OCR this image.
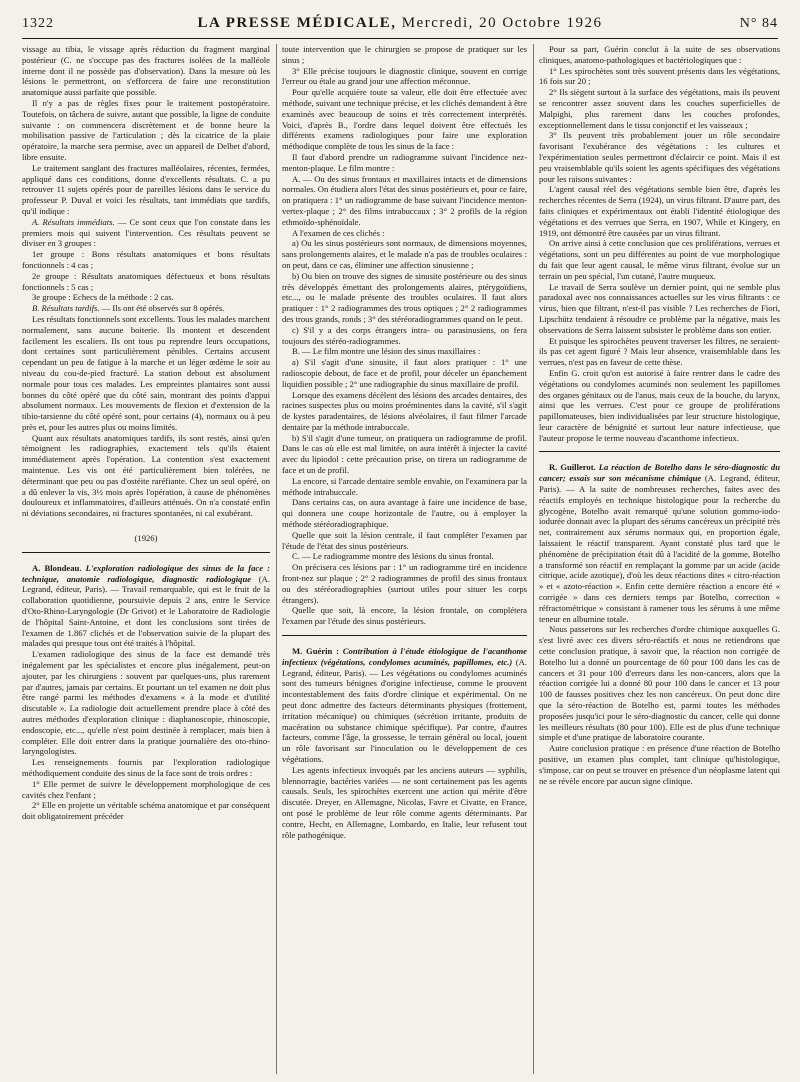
1322	LA PRESSE MÉDICALE, Mercredi, 20 Octobre 1926	N° 84

vissage au tibia, le vissage après réduction du fragment marginal postérieur (C. ne s'occupe pas des fractures isolées de la malléole interne dont il ne possède pas d'observation). Dans la mesure où les lésions le permettront, on s'efforcera de faire une reconstitution anatomique aussi parfaite que possible.

Il n'y a pas de règles fixes pour le traitement postopératoire. Toutefois, on tâchera de suivre, autant que possible, la ligne de conduite suivante : on commencera discrètement et de bonne heure la mobilisation passive de l'articulation ; dès la cicatrice de la plaie opératoire, la marche sera permise, avec un appareil de Delbet d'abord, libre ensuite.

Le traitement sanglant des fractures malléolaires, récentes, fermées, appliqué dans ces conditions, donne d'excellents résultats. C. a pu retrouver 11 sujets opérés pour de pareilles lésions dans le service du professeur P. Duval et voici les résultats, tant immédiats que tardifs, qu'il indique :

A. Résultats immédiats. — Ce sont ceux que l'on constate dans les premiers mois qui suivent l'intervention. Ces résultats peuvent se diviser en 3 groupes :

1er groupe : Bons résultats anatomiques et bons résultats fonctionnels : 4 cas ;

2e groupe : Résultats anatomiques défectueux et bons résultats fonctionnels : 5 cas ;

3e groupe : Echecs de la méthode : 2 cas.

B. Résultats tardifs. — Ils ont été observés sur 8 opérés.

Les résultats fonctionnels sont excellents. Tous les malades marchent normalement, sans aucune boiterie. Ils montent et descendent facilement les escaliers. Ils ont tous pu reprendre leurs occupations, dont certaines sont particulièrement pénibles. Certains accusent cependant un peu de fatigue à la marche et un léger œdème le soir au niveau du cou-de-pied fracturé. La station debout est absolument normale pour tous ces malades. Les empreintes plantaires sont aussi bonnes du côté opéré que du côté sain, montrant des points d'appui absolument normaux. Les mouvements de flexion et d'extension de la tibio-tarsienne du côté opéré sont, pour certains (4), normaux ou à peu près et, pour les autres plus ou moins limités.

Quant aux résultats anatomiques tardifs, ils sont restés, ainsi qu'en témoignent les radiographies, exactement tels qu'ils étaient immédiatement après l'opération. La contention s'est exactement maintenue. Les vis ont été particulièrement bien tolérées, ne déterminant que peu ou pas d'ostéite raréfiante. Chez un seul opéré, on a dû enlever la vis, 3½ mois après l'opération, à cause de phénomènes douloureux et inflammatoires, d'ailleurs atténués. On n'a constaté enfin ni déviations secondaires, ni fractures spontanées, ni cal exubérant.

(1926)

A. Blondeau. L'exploration radiologique des sinus de la face : technique, anatomie radiologique, diagnostic radiologique (A. Legrand, éditeur, Paris). — Travail remarquable, qui est le fruit de la collaboration quotidienne, poursuivie depuis 2 ans, entre le Service d'Oto-Rhino-Laryngologie (Dr Grivot) et le Laboratoire de Radiologie de l'hôpital Saint-Antoine, et dont les conclusions sont tirées de l'examen de 1.867 clichés et de l'observation suivie de la plupart des malades qui presque tous ont été traités à l'hôpital.

L'examen radiologique des sinus de la face est demandé très inégalement par les spécialistes et encore plus inégalement, peut-on ajouter, par les chirurgiens : souvent par quelques-uns, plus rarement par d'autres, jamais par certains. Et pourtant un tel examen ne doit plus être rangé parmi les méthodes d'examens « à la mode et d'utilité discutable ». La radiologie doit actuellement prendre place à côté des autres méthodes d'exploration clinique : diaphanoscopie, rhinoscopie, endoscopie, etc..., qu'elle n'est point destinée à remplacer, mais bien à compléter. Elle doit entrer dans la pratique journalière des oto-rhino-laryngologistes.

Les renseignements fournis par l'exploration radiologique méthodiquement conduite des sinus de la face sont de trois ordres :

1° Elle permet de suivre le développement morphologique de ces cavités chez l'enfant ;

2° Elle en projette un véritable schéma anatomique et par conséquent doit obligatoirement précéder

toute intervention que le chirurgien se propose de pratiquer sur les sinus ;

3° Elle précise toujours le diagnostic clinique, souvent en corrige l'erreur ou étale au grand jour une affection méconnue.

Pour qu'elle acquière toute sa valeur, elle doit être effectuée avec méthode, suivant une technique précise, et les clichés demandent à être examinés avec beaucoup de soins et très correctement interprétés. Voici, d'après B., l'ordre dans lequel doivent être effectués les différents examens radiologiques pour faire une exploration méthodique complète de tous les sinus de la face :

Il faut d'abord prendre un radiogramme suivant l'incidence nez-menton-plaque. Le film montre :

A. — Ou des sinus frontaux et maxillaires intacts et de dimensions normales. On étudiera alors l'état des sinus postérieurs et, pour ce faire, on pratiquera : 1° un radiogramme de base suivant l'incidence menton-vertex-plaque ; 2° des films intrabuccaux ; 3° 2 profils de la région ethmoïdo-sphénoïdale.

A l'examen de ces clichés :

a) Ou les sinus postérieurs sont normaux, de dimensions moyennes, sans prolongements alaires, et le malade n'a pas de troubles oculaires : on peut, dans ce cas, éliminer une affection sinusienne ;

b) Ou bien on trouve des signes de sinusite postérieure ou des sinus très développés émettant des prolongements alaires, ptérygoïdiens, etc..., ou le malade présente des troubles oculaires. Il faut alors pratiquer : 1° 2 radiogrammes des trous optiques ; 2° 2 radiogrammes des trous grands, ronds ; 3° des stéréoradiogrammes quand on le peut.

c) S'il y a des corps étrangers intra- ou parasinusiens, on fera toujours des stéréo-radiogrammes.

B. — Le film montre une lésion des sinus maxillaires :

a) S'il s'agit d'une sinusite, il faut alors pratiquer : 1° une radioscopie debout, de face et de profil, pour déceler un épanchement liquidien possible ; 2° une radiographie du sinus maxillaire de profil.

Lorsque des examens décèlent des lésions des arcades dentaires, des racines suspectes plus ou moins proéminentes dans la cavité, s'il s'agit de kystes paradentaires, de lésions alvéolaires, il faut filmer l'arcade dentaire par la méthode intrabuccale.

b) S'il s'agit d'une tumeur, on pratiquera un radiogramme de profil. Dans le cas où elle est mal limitée, on aura intérêt à injecter la cavité avec du lipiodol : cette précaution prise, on tirera un radiogramme de face et un de profil.

La encore, si l'arcade dentaire semble envahie, on l'examinera par la méthode intrabuccale.

Dans certains cas, on aura avantage à faire une incidence de base, qui donnera une coupe horizontale de l'autre, ou à employer la méthode stéréoradiographique.

Quelle que soit la lésion centrale, il faut compléter l'examen par l'étude de l'état des sinus postérieurs.

C. — Le radiogramme montre des lésions du sinus frontal.

On précisera ces lésions par : 1° un radiogramme tiré en incidence front-nez sur plaque ; 2° 2 radiogrammes de profil des sinus frontaux ou des stéréoradiographies (surtout utiles pour situer les corps étrangers).

Quelle que soit, là encore, la lésion frontale, on complétera l'examen par l'étude des sinus postérieurs.

M. Guérin : Contribution à l'étude étiologique de l'acanthome infectieux (végétations, condylomes acuminés, papillomes, etc.) (A. Legrand, éditeur, Paris). — Les végétations ou condylomes acuminés sont des tumeurs bénignes d'origine infectieuse, comme le prouvent incontestablement des faits d'ordre clinique et expérimental. On ne peut donc admettre des facteurs déterminants physiques (frottement, irritation mécanique) ou chimiques (sécrétion irritante, produits de macération ou substance chimique spécifique). Par contre, d'autres facteurs, comme l'âge, la grossesse, le terrain général ou local, jouent un rôle favorisant sur l'inoculation ou le développement de ces végétations.

Les agents infectieux invoqués par les anciens auteurs — syphilis, blennorragie, bactéries variées — ne sont certainement pas les agents causals. Seuls, les spirochètes exercent une action qui mérite d'être discutée. Dreyer, en Allemagne, Nicolas, Favre et Civatte, en France, ont posé le problème de leur rôle comme agents déterminants. Par contre, Hecht, en Allemagne, Lombardo, en Italie, leur refusent tout rôle pathogénique.

Pour sa part, Guérin conclut à la suite de ses observations cliniques, anatomo-pathologiques et bactériologiques que :

1° Les spirochètes sont très souvent présents dans les végétations, 16 fois sur 20 ;

2° Ils siègent surtout à la surface des végétations, mais ils peuvent se rencontrer assez souvent dans les couches superficielles de Malpighi, plus rarement dans les couches profondes, exceptionnellement dans le tissu conjonctif et les vaisseaux ;

3° Ils peuvent très probablement jouer un rôle secondaire favorisant l'exubérance des végétations : les cultures et l'expérimentation seules permettront d'éclaircir ce point. Mais il est peu vraisemblable qu'ils soient les agents spécifiques des végétations pour les raisons suivantes :

L'agent causal réel des végétations semble bien être, d'après les recherches récentes de Serra (1924), un virus filtrant. D'autre part, des faits cliniques et expérimentaux ont établi l'identité étiologique des végétations et des verrues que Serra, en 1907, While et Kingery, en 1919, ont démontré être causées par un virus filtrant.

On arrive ainsi à cette conclusion que ces proliférations, verrues et végétations, sont un peu différentes au point de vue morphologique du fait que leur agent causal, le même virus filtrant, évolue sur un terrain un peu spécial, l'un cutané, l'autre muqueux.

Le travail de Serra soulève un dernier point, qui ne semble plus paradoxal avec nos connaissances actuelles sur les virus filtrants : ce virus, bien que filtrant, n'est-il pas visible ? Les recherches de Fiori, Lipschütz tendaient à résoudre ce problème par la négative, mais les observations de Serra laissent subsister le problème dans son entier.

Et puisque les spirochètes peuvent traverser les filtres, ne seraient-ils pas cet agent figuré ? Mais leur absence, vraisemblable dans les verrues, n'est pas en faveur de cette thèse.

Enfin G. croit qu'on est autorisé à faire rentrer dans le cadre des végétations ou condylomes acuminés non seulement les papillomes des organes génitaux ou de l'anus, mais ceux de la bouche, du larynx, ainsi que les verrues. C'est pour ce groupe de proliférations papillomateuses, bien individualisées par leur structure histologique, leur caractère de bénignité et surtout leur nature infectieuse, que l'auteur propose le terme nouveau d'acanthome infectieux.

R. Guillerot. La réaction de Botelho dans le séro-diagnostic du cancer; essais sur son mécanisme chimique (A. Legrand, éditeur, Paris). — A la suite de nombreuses recherches, faites avec des réactifs employés en technique histologique pour la recherche du glycogène, Botelho avait remarqué qu'une solution gommo-iodo-iodurée donnait avec la plupart des sérums cancéreux un précipité très net, contrairement aux sérums normaux qui, en proportion égale, laissaient le réactif transparent. Ayant constaté plus tard que le phénomène de précipitation était dû à l'acidité de la gomme, Botelho a transformé son réactif en remplaçant la gomme par un acide (acide citrique, acide azotique), d'où les deux réactions dites « citro-réaction » et « azoto-réaction ». Enfin cette dernière réaction a encore été « corrigée » dans ces derniers temps par Botelho, correction « réfractométrique » consistant à ramener tous les sérums à une même teneur en albumine totale.

Nous passerons sur les recherches d'ordre chimique auxquelles G. s'est livré avec ces divers séro-réactifs et nous ne retiendrons que cette conclusion pratique, à savoir que, la réaction non corrigée de Botelho lui a donné un pourcentage de 60 pour 100 dans les cas de cancers et 31 pour 100 d'erreurs dans les non-cancers, alors que la réaction corrigée lui a donné 80 pour 100 dans le cancer et 13 pour 100 de fausses positives chez les non cancéreux. On peut donc dire que la séro-réaction de Botelho est, parmi toutes les méthodes proposées jusqu'ici pour le séro-diagnostic du cancer, celle qui donne les meilleurs résultats (80 pour 100). Elle est de plus d'une technique simple et d'une pratique de laboratoire courante.

Autre conclusion pratique : en présence d'une réaction de Botelho positive, un examen plus complet, tant clinique qu'histologique, s'impose, car on peut se trouver en présence d'un néoplasme latent qui ne se révèle encore par aucun signe clinique.
